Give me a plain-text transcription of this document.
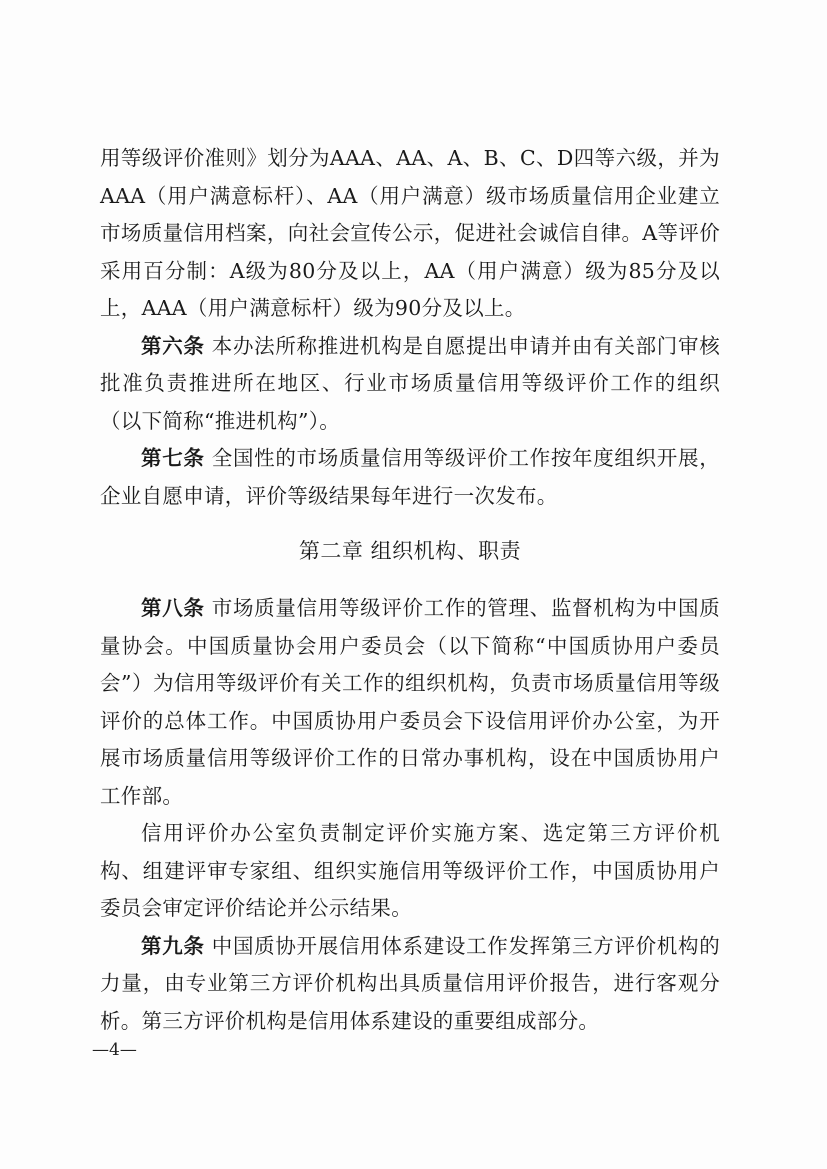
用等级评价准则》划分为AAA、AA、A、B、C、D四等六级，并为AAA（用户满意标杆）、AA（用户满意）级市场质量信用企业建立市场质量信用档案，向社会宣传公示，促进社会诚信自律。A等评价采用百分制：A级为80分及以上，AA（用户满意）级为85分及以上，AAA（用户满意标杆）级为90分及以上。

第六条 本办法所称推进机构是自愿提出申请并由有关部门审核批准负责推进所在地区、行业市场质量信用等级评价工作的组织（以下简称“推进机构”）。

第七条 全国性的市场质量信用等级评价工作按年度组织开展，企业自愿申请，评价等级结果每年进行一次发布。

第二章 组织机构、职责

第八条 市场质量信用等级评价工作的管理、监督机构为中国质量协会。中国质量协会用户委员会（以下简称“中国质协用户委员会”）为信用等级评价有关工作的组织机构，负责市场质量信用等级评价的总体工作。中国质协用户委员会下设信用评价办公室，为开展市场质量信用等级评价工作的日常办事机构，设在中国质协用户工作部。

信用评价办公室负责制定评价实施方案、选定第三方评价机构、组建评审专家组、组织实施信用等级评价工作，中国质协用户委员会审定评价结论并公示结果。

第九条 中国质协开展信用体系建设工作发挥第三方评价机构的力量，由专业第三方评价机构出具质量信用评价报告，进行客观分析。第三方评价机构是信用体系建设的重要组成部分。

—4—
